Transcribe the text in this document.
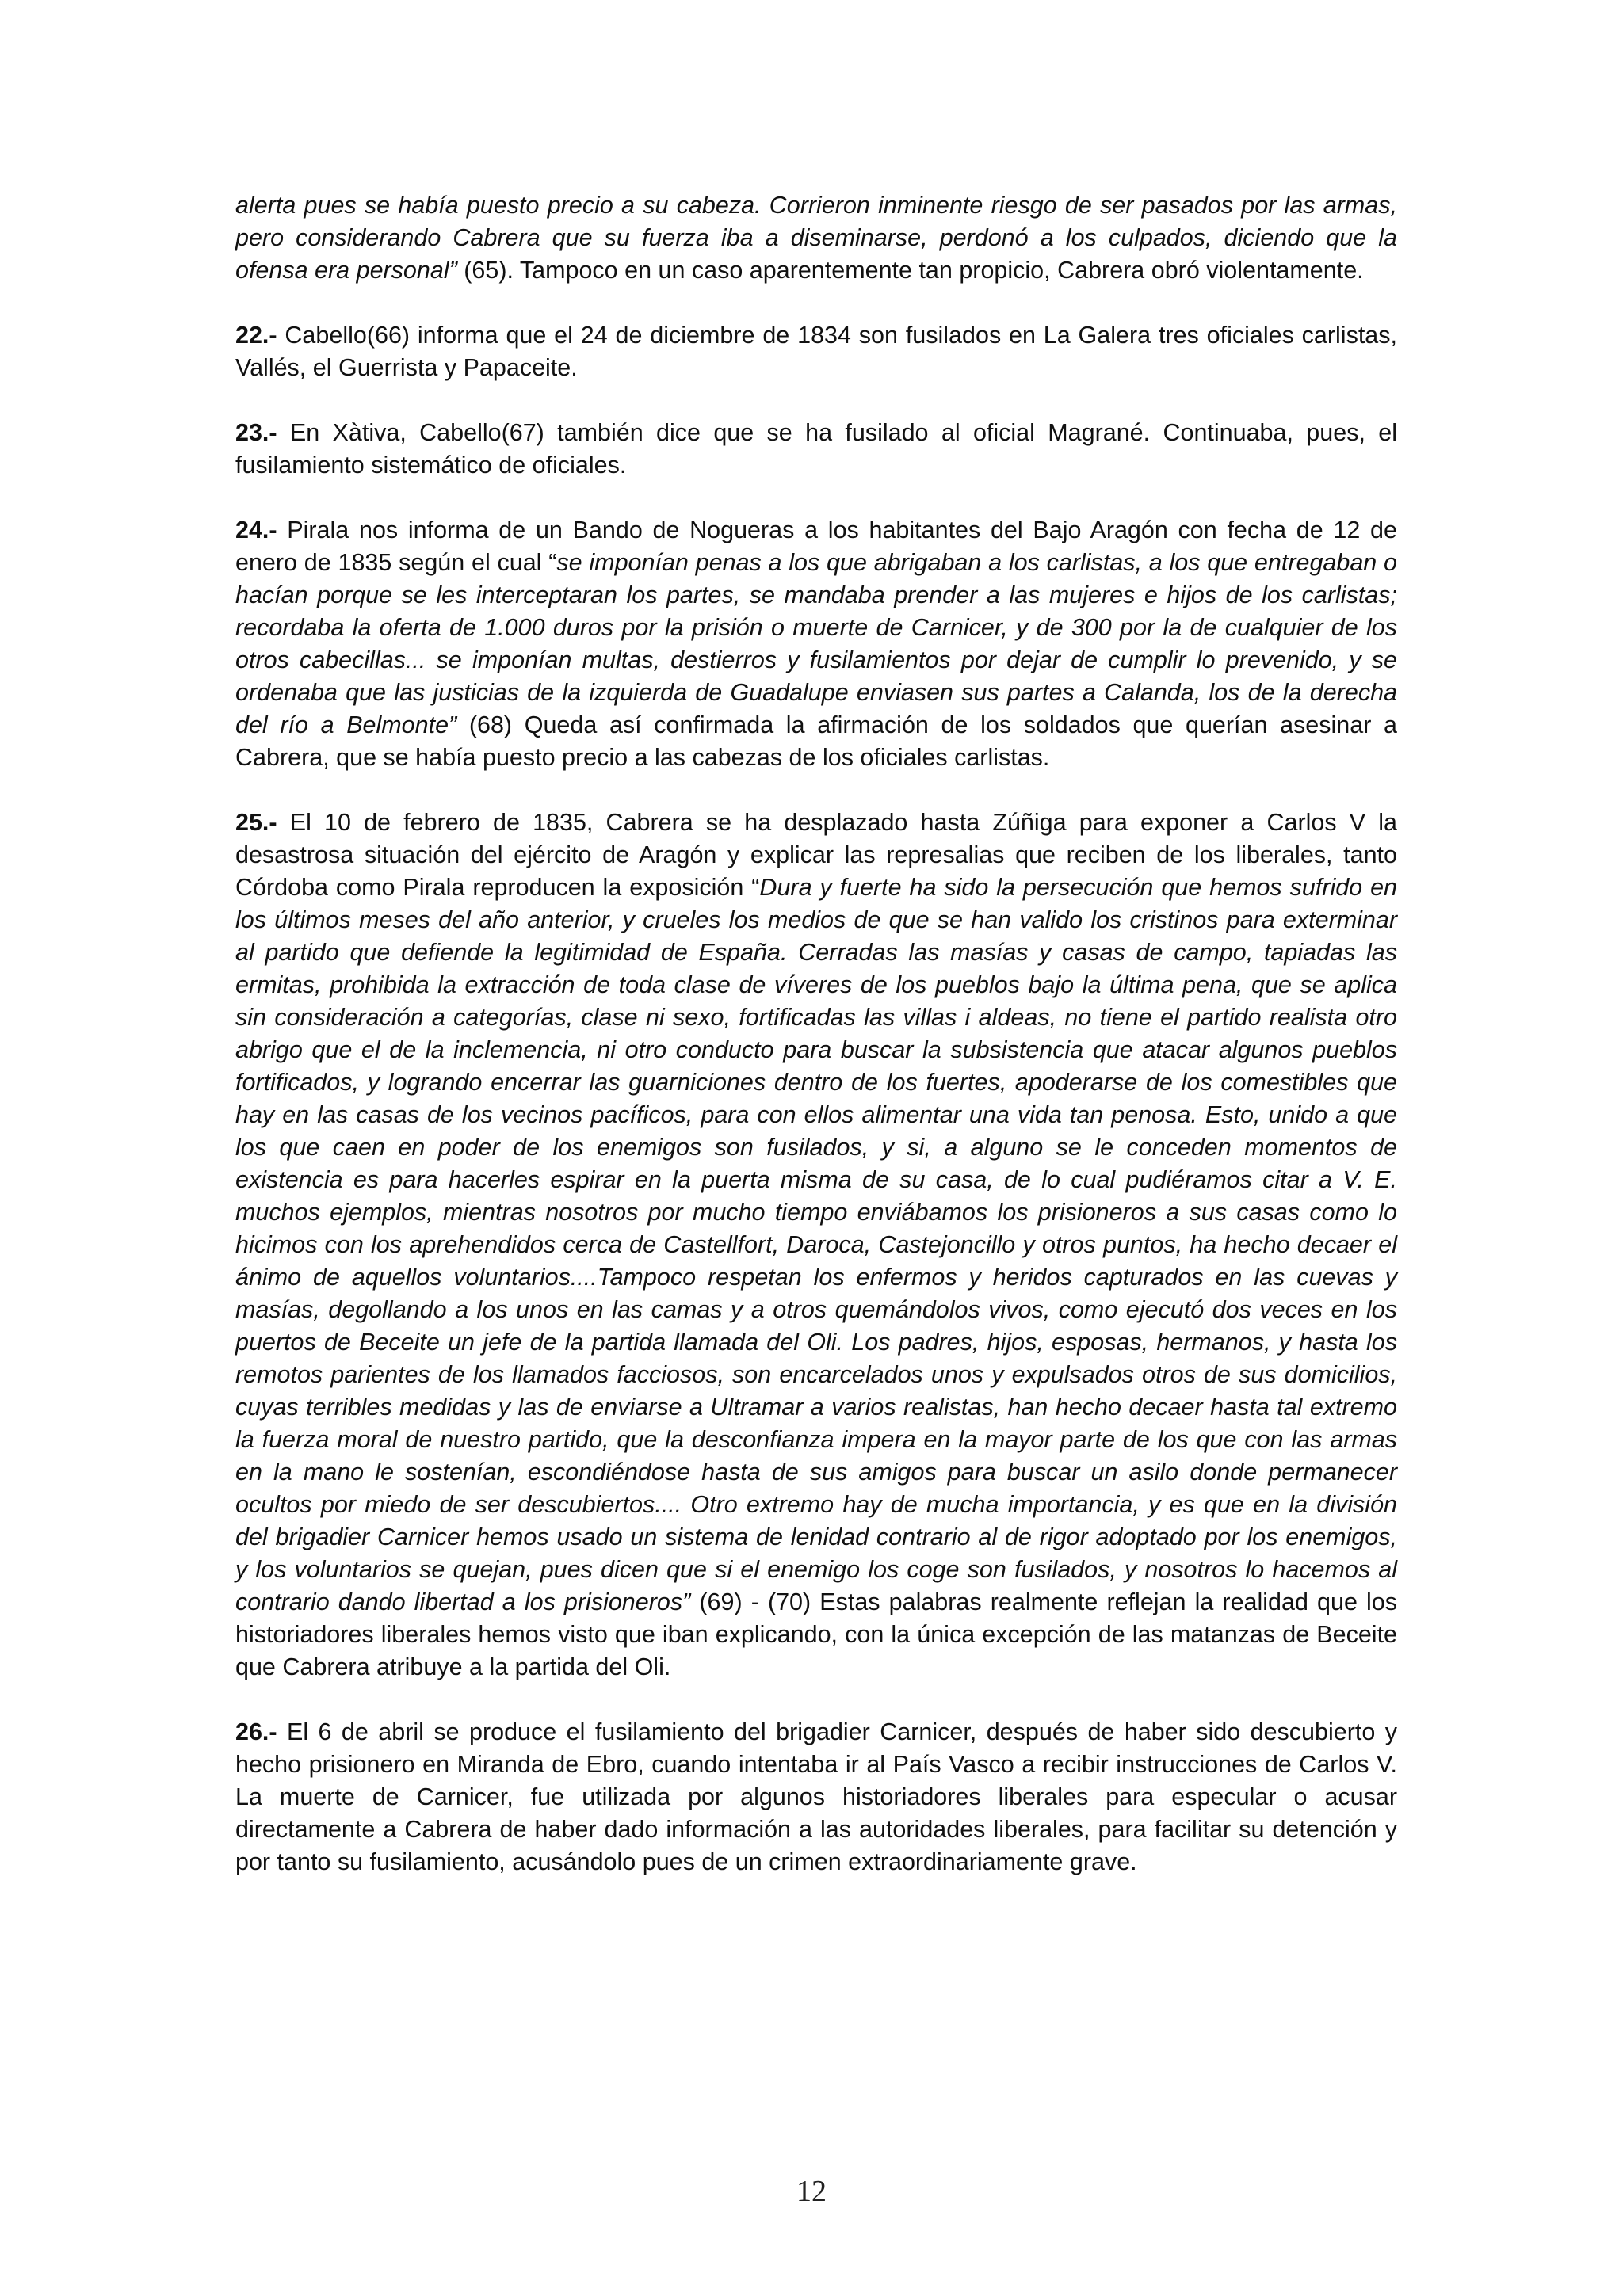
alerta pues se había puesto precio a su cabeza. Corrieron inminente riesgo de ser pasados por las armas, pero considerando Cabrera que su fuerza iba a diseminarse, perdonó a los culpados, diciendo que la ofensa era personal” (65). Tampoco en un caso aparentemente tan propicio, Cabrera obró violentamente.

22.- Cabello(66) informa que el 24 de diciembre de 1834 son fusilados en La Galera tres oficiales carlistas, Vallés, el Guerrista y Papaceite.

23.- En Xàtiva, Cabello(67) también dice que se ha fusilado al oficial Magrané. Continuaba, pues, el fusilamiento sistemático de oficiales.

24.- Pirala nos informa de un Bando de Nogueras a los habitantes del Bajo Aragón con fecha de 12 de enero de 1835 según el cual “se imponían penas a los que abrigaban a los carlistas, a los que entregaban o hacían porque se les interceptaran los partes, se mandaba prender a las mujeres e hijos de los carlistas; recordaba la oferta de 1.000 duros por la prisión o muerte de Carnicer, y de 300 por la de cualquier de los otros cabecillas... se imponían multas, destierros y fusilamientos por dejar de cumplir lo prevenido, y se ordenaba que las justicias de la izquierda de Guadalupe enviasen sus partes a Calanda, los de la derecha del río a Belmonte” (68) Queda así confirmada la afirmación de los soldados que querían asesinar a Cabrera, que se había puesto precio a las cabezas de los oficiales carlistas.

25.- El 10 de febrero de 1835, Cabrera se ha desplazado hasta Zúñiga para exponer a Carlos V la desastrosa situación del ejército de Aragón y explicar las represalias que reciben de los liberales, tanto Córdoba como Pirala reproducen la exposición “Dura y fuerte ha sido la persecución que hemos sufrido en los últimos meses del año anterior, y crueles los medios de que se han valido los cristinos para exterminar al partido que defiende la legitimidad de España. Cerradas las masías y casas de campo, tapiadas las ermitas, prohibida la extracción de toda clase de víveres de los pueblos bajo la última pena, que se aplica sin consideración a categorías, clase ni sexo, fortificadas las villas i aldeas, no tiene el partido realista otro abrigo que el de la inclemencia, ni otro conducto para buscar la subsistencia que atacar algunos pueblos fortificados, y logrando encerrar las guarniciones dentro de los fuertes, apoderarse de los comestibles que hay en las casas de los vecinos pacíficos, para con ellos alimentar una vida tan penosa. Esto, unido a que los que caen en poder de los enemigos son fusilados, y si, a alguno se le conceden momentos de existencia es para hacerles espirar en la puerta misma de su casa, de lo cual pudiéramos citar a V. E. muchos ejemplos, mientras nosotros por mucho tiempo enviábamos los prisioneros a sus casas como lo hicimos con los aprehendidos cerca de Castellfort, Daroca, Castejoncillo y otros puntos, ha hecho decaer el ánimo de aquellos voluntarios....Tampoco respetan los enfermos y heridos capturados en las cuevas y masías, degollando a los unos en las camas y a otros quemándolos vivos, como ejecutó dos veces en los puertos de Beceite un jefe de la partida llamada del Oli. Los padres, hijos, esposas, hermanos, y hasta los remotos parientes de los llamados facciosos, son encarcelados unos y expulsados otros de sus domicilios, cuyas terribles medidas y las de enviarse a Ultramar a varios realistas, han hecho decaer hasta tal extremo la fuerza moral de nuestro partido, que la desconfianza impera en la mayor parte de los que con las armas en la mano le sostenían, escondiéndose hasta de sus amigos para buscar un asilo donde permanecer ocultos por miedo de ser descubiertos.... Otro extremo hay de mucha importancia, y es que en la división del brigadier Carnicer hemos usado un sistema de lenidad contrario al de rigor adoptado por los enemigos, y los voluntarios se quejan, pues dicen que si el enemigo los coge son fusilados, y nosotros lo hacemos al contrario dando libertad a los prisioneros” (69) - (70) Estas palabras realmente reflejan la realidad que los historiadores liberales hemos visto que iban explicando, con la única excepción de las matanzas de Beceite que Cabrera atribuye a la partida del Oli.

26.- El 6 de abril se produce el fusilamiento del brigadier Carnicer, después de haber sido descubierto y hecho prisionero en Miranda de Ebro, cuando intentaba ir al País Vasco a recibir instrucciones de Carlos V. La muerte de Carnicer, fue utilizada por algunos historiadores liberales para especular o acusar directamente a Cabrera de haber dado información a las autoridades liberales, para facilitar su detención y por tanto su fusilamiento, acusándolo pues de un crimen extraordinariamente grave.

12
